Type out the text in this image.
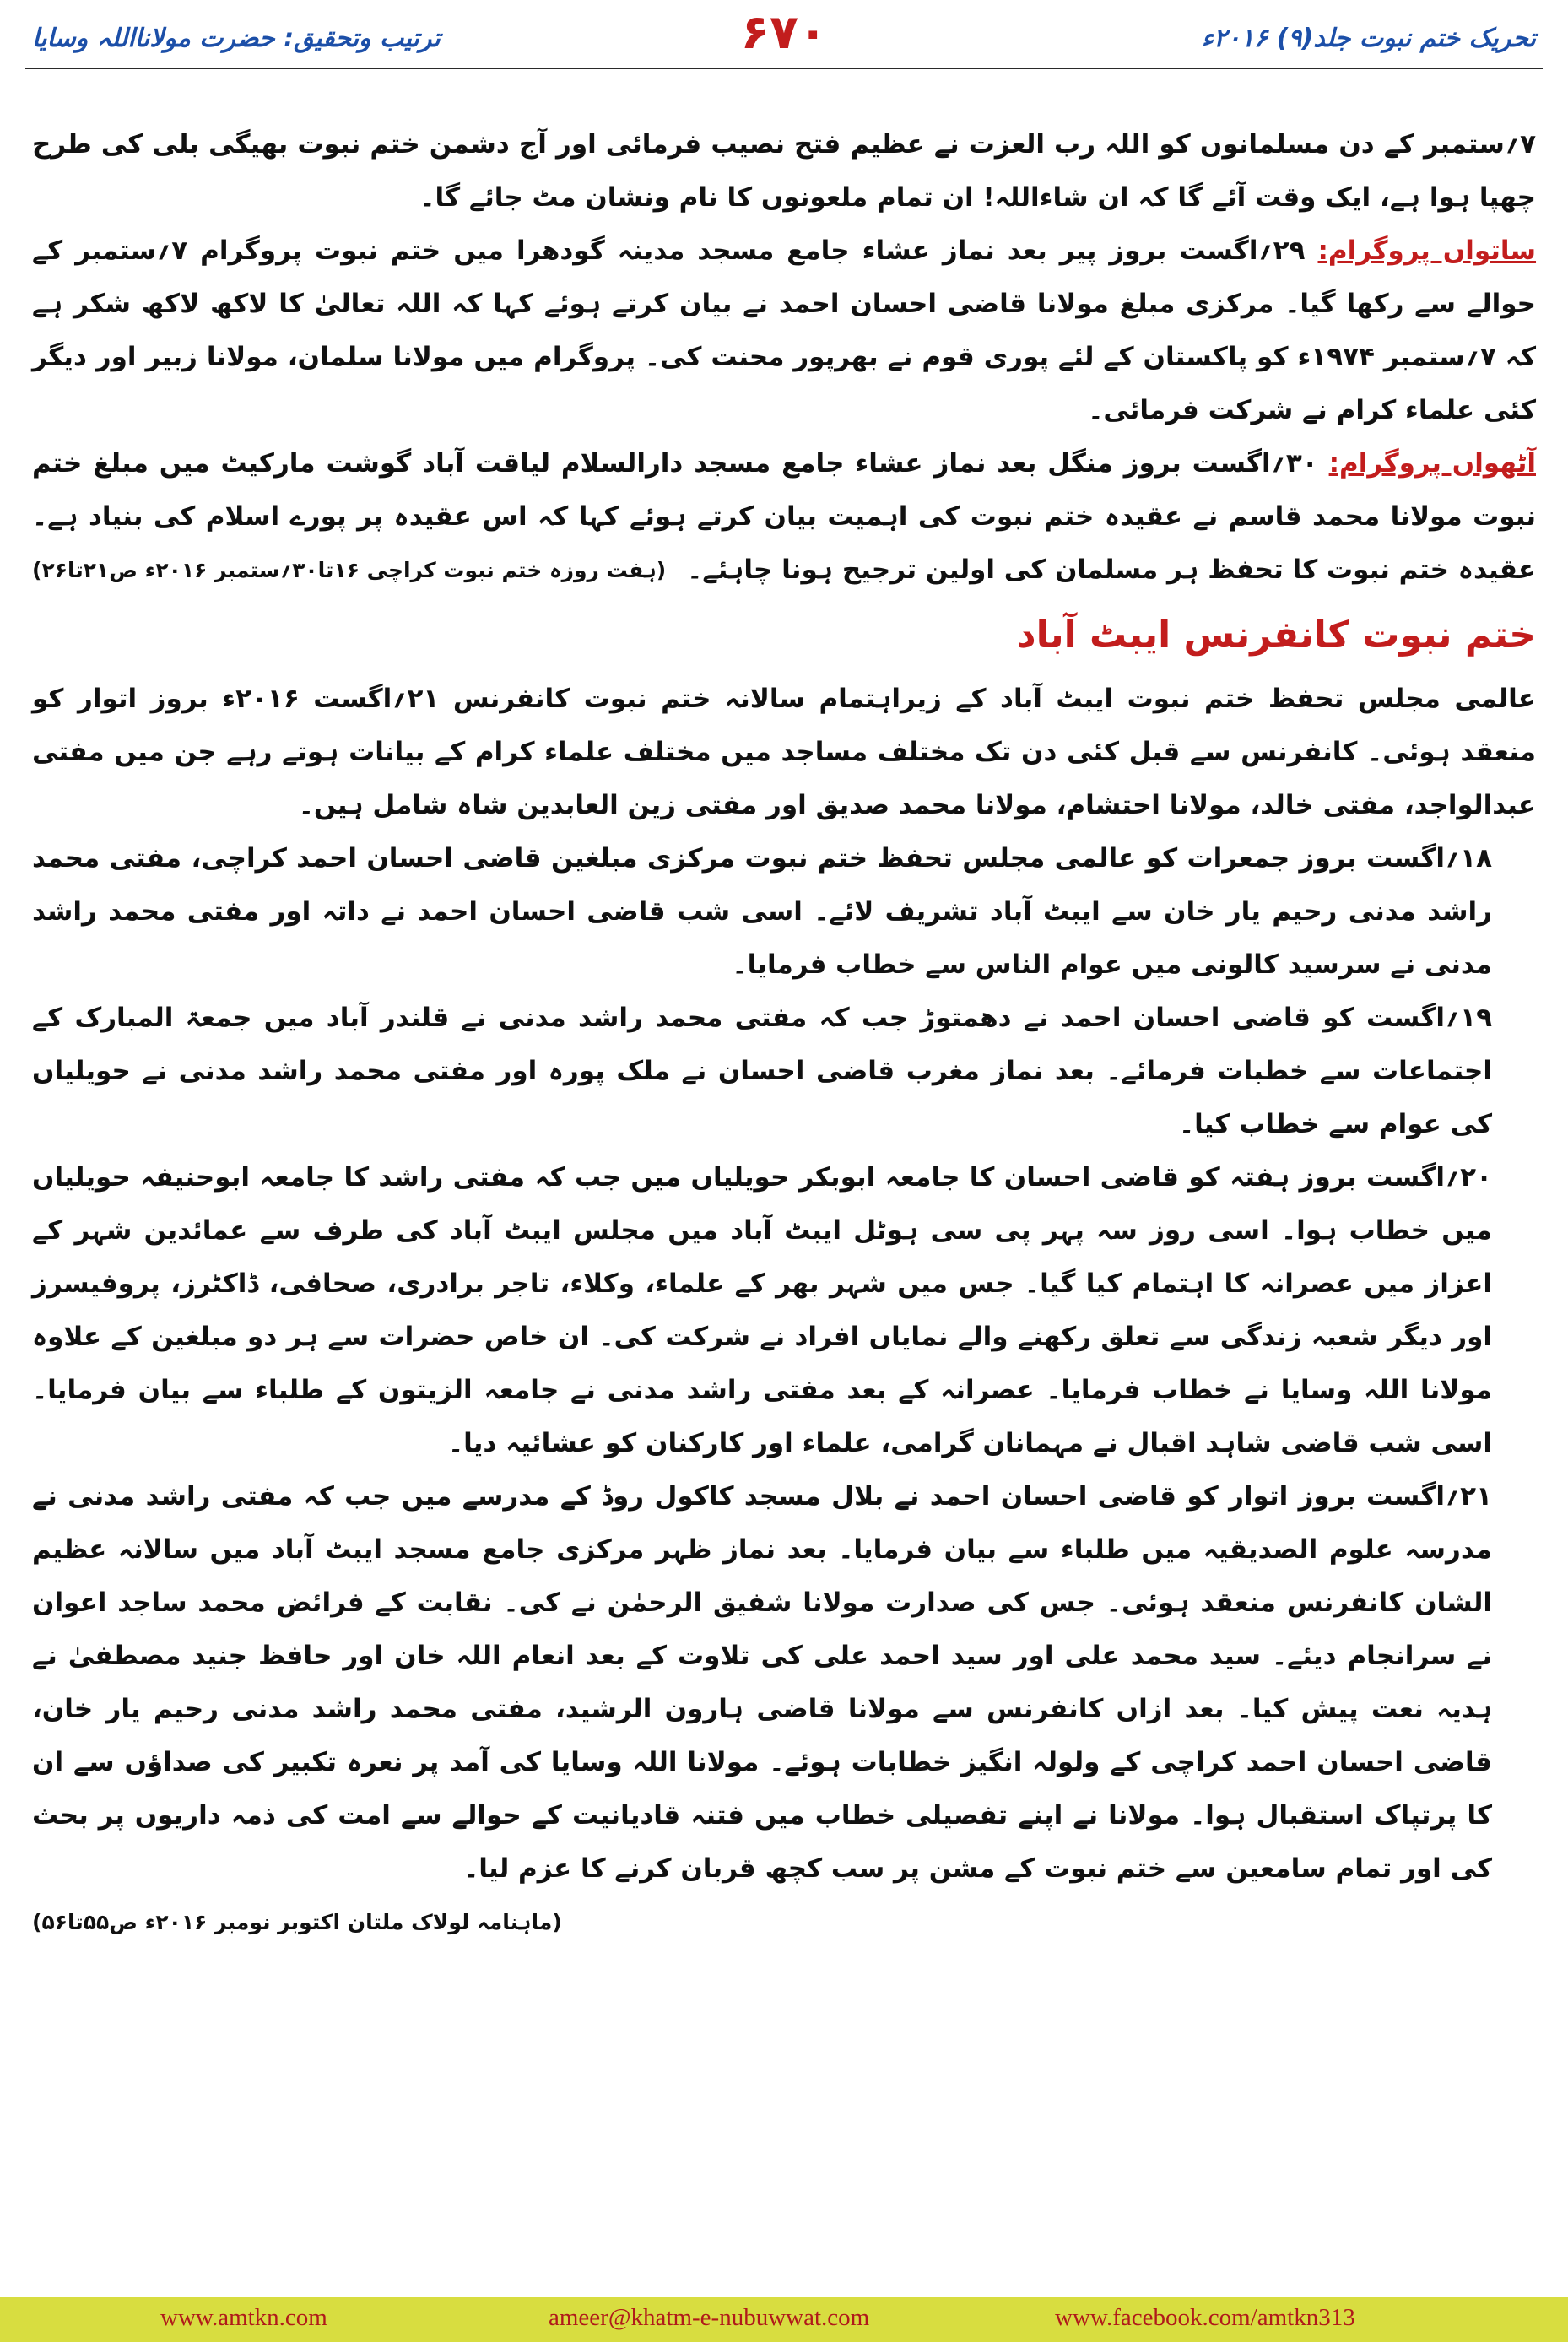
تحریک ختم نبوت جلد(۹) ۲۰۱۶ء
۶۷۰
ترتیب وتحقیق: حضرت مولانااللہ وسایا

۷؍ستمبر کے دن مسلمانوں کو اللہ رب العزت نے عظیم فتح نصیب فرمائی اور آج دشمن ختم نبوت بھیگی بلی کی طرح چھپا ہوا ہے، ایک وقت آئے گا کہ ان شاءاللہ! ان تمام ملعونوں کا نام ونشان مٹ جائے گا۔

ساتواں پروگرام: ۲۹؍اگست بروز پیر بعد نماز عشاء جامع مسجد مدینہ گودھرا میں ختم نبوت پروگرام ۷؍ستمبر کے حوالے سے رکھا گیا۔ مرکزی مبلغ مولانا قاضی احسان احمد نے بیان کرتے ہوئے کہا کہ اللہ تعالیٰ کا لاکھ لاکھ شکر ہے کہ ۷؍ستمبر ۱۹۷۴ء کو پاکستان کے لئے پوری قوم نے بھرپور محنت کی۔ پروگرام میں مولانا سلمان، مولانا زبیر اور دیگر کئی علماء کرام نے شرکت فرمائی۔

آٹھواں پروگرام: ۳۰؍اگست بروز منگل بعد نماز عشاء جامع مسجد دارالسلام لیاقت آباد گوشت مارکیٹ میں مبلغ ختم نبوت مولانا محمد قاسم نے عقیدہ ختم نبوت کی اہمیت بیان کرتے ہوئے کہا کہ اس عقیدہ پر پورے اسلام کی بنیاد ہے۔ عقیدہ ختم نبوت کا تحفظ ہر مسلمان کی اولین ترجیح ہونا چاہئے۔
(ہفت روزہ ختم نبوت کراچی ۱۶تا۳۰؍ستمبر ۲۰۱۶ء ص۲۱تا۲۶)

ختم نبوت کانفرنس ایبٹ آباد

عالمی مجلس تحفظ ختم نبوت ایبٹ آباد کے زیراہتمام سالانہ ختم نبوت کانفرنس ۲۱؍اگست ۲۰۱۶ء بروز اتوار کو منعقد ہوئی۔ کانفرنس سے قبل کئی دن تک مختلف مساجد میں مختلف علماء کرام کے بیانات ہوتے رہے جن میں مفتی عبدالواجد، مفتی خالد، مولانا احتشام، مولانا محمد صدیق اور مفتی زین العابدین شاہ شامل ہیں۔

۱۸؍اگست بروز جمعرات کو عالمی مجلس تحفظ ختم نبوت مرکزی مبلغین قاضی احسان احمد کراچی، مفتی محمد راشد مدنی رحیم یار خان سے ایبٹ آباد تشریف لائے۔ اسی شب قاضی احسان احمد نے داتہ اور مفتی محمد راشد مدنی نے سرسید کالونی میں عوام الناس سے خطاب فرمایا۔

۱۹؍اگست کو قاضی احسان احمد نے دھمتوڑ جب کہ مفتی محمد راشد مدنی نے قلندر آباد میں جمعۃ المبارک کے اجتماعات سے خطبات فرمائے۔ بعد نماز مغرب قاضی احسان نے ملک پورہ اور مفتی محمد راشد مدنی نے حویلیاں کی عوام سے خطاب کیا۔

۲۰؍اگست بروز ہفتہ کو قاضی احسان کا جامعہ ابوبکر حویلیاں میں جب کہ مفتی راشد کا جامعہ ابوحنیفہ حویلیاں میں خطاب ہوا۔ اسی روز سہ پہر پی سی ہوٹل ایبٹ آباد میں مجلس ایبٹ آباد کی طرف سے عمائدین شہر کے اعزاز میں عصرانہ کا اہتمام کیا گیا۔ جس میں شہر بھر کے علماء، وکلاء، تاجر برادری، صحافی، ڈاکٹرز، پروفیسرز اور دیگر شعبہ زندگی سے تعلق رکھنے والے نمایاں افراد نے شرکت کی۔ ان خاص حضرات سے ہر دو مبلغین کے علاوہ مولانا اللہ وسایا نے خطاب فرمایا۔ عصرانہ کے بعد مفتی راشد مدنی نے جامعہ الزیتون کے طلباء سے بیان فرمایا۔ اسی شب قاضی شاہد اقبال نے مہمانان گرامی، علماء اور کارکنان کو عشائیہ دیا۔

۲۱؍اگست بروز اتوار کو قاضی احسان احمد نے بلال مسجد کاکول روڈ کے مدرسے میں جب کہ مفتی راشد مدنی نے مدرسہ علوم الصدیقیہ میں طلباء سے بیان فرمایا۔ بعد نماز ظہر مرکزی جامع مسجد ایبٹ آباد میں سالانہ عظیم الشان کانفرنس منعقد ہوئی۔ جس کی صدارت مولانا شفیق الرحمٰن نے کی۔ نقابت کے فرائض محمد ساجد اعوان نے سرانجام دیئے۔ سید محمد علی اور سید احمد علی کی تلاوت کے بعد انعام اللہ خان اور حافظ جنید مصطفیٰ نے ہدیہ نعت پیش کیا۔ بعد ازاں کانفرنس سے مولانا قاضی ہارون الرشید، مفتی محمد راشد مدنی رحیم یار خان، قاضی احسان احمد کراچی کے ولولہ انگیز خطابات ہوئے۔ مولانا اللہ وسایا کی آمد پر نعرہ تکبیر کی صداؤں سے ان کا پرتپاک استقبال ہوا۔ مولانا نے اپنے تفصیلی خطاب میں فتنہ قادیانیت کے حوالے سے امت کی ذمہ داریوں پر بحث کی اور تمام سامعین سے ختم نبوت کے مشن پر سب کچھ قربان کرنے کا عزم لیا۔
(ماہنامہ لولاک ملتان اکتوبر نومبر ۲۰۱۶ء ص۵۵تا۵۶)

www.amtkn.com	ameer@khatm-e-nubuwwat.com	www.facebook.com/amtkn313
